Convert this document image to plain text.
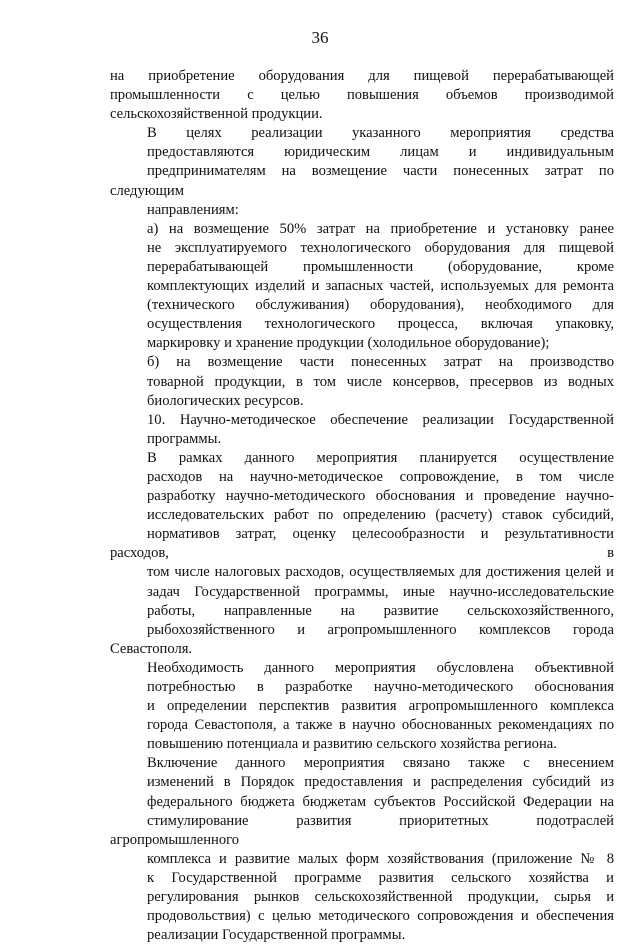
36
на приобретение оборудования для пищевой перерабатывающей
промышленности с целью повышения объемов производимой
сельскохозяйственной продукции.
В целях реализации указанного мероприятия средства
предоставляются юридическим лицам и индивидуальным
предпринимателям на возмещение части понесенных затрат по следующим
направлениям:
а) на возмещение 50% затрат на приобретение и установку ранее
не эксплуатируемого технологического оборудования для пищевой
перерабатывающей промышленности (оборудование, кроме
комплектующих изделий и запасных частей, используемых для ремонта
(технического обслуживания) оборудования), необходимого для
осуществления технологического процесса, включая упаковку,
маркировку и хранение продукции (холодильное оборудование);
б) на возмещение части понесенных затрат на производство
товарной продукции, в том числе консервов, пресервов из водных
биологических ресурсов.
10. Научно-методическое обеспечение реализации Государственной
программы.
В рамках данного мероприятия планируется осуществление
расходов на научно-методическое сопровождение, в том числе
разработку научно-методического обоснования и проведение научно-
исследовательских работ по определению (расчету) ставок субсидий,
нормативов затрат, оценку целесообразности и результативности расходов, в
том числе налоговых расходов, осуществляемых для достижения целей и
задач Государственной программы, иные научно-исследовательские
работы, направленные на развитие сельскохозяйственного,
рыбохозяйственного и агропромышленного комплексов города Севастополя.
Необходимость данного мероприятия обусловлена объективной
потребностью в разработке научно-методического обоснования
и определении перспектив развития агропромышленного комплекса
города Севастополя, а также в научно обоснованных рекомендациях по
повышению потенциала и развитию сельского хозяйства региона.
Включение данного мероприятия связано также с внесением
изменений в Порядок предоставления и распределения субсидий из
федерального бюджета бюджетам субъектов Российской Федерации на
стимулирование развития приоритетных подотраслей агропромышленного
комплекса и развитие малых форм хозяйствования (приложение № 8
к Государственной программе развития сельского хозяйства и
регулирования рынков сельскохозяйственной продукции, сырья и
продовольствия) с целью методического сопровождения и обеспечения
реализации Государственной программы.
